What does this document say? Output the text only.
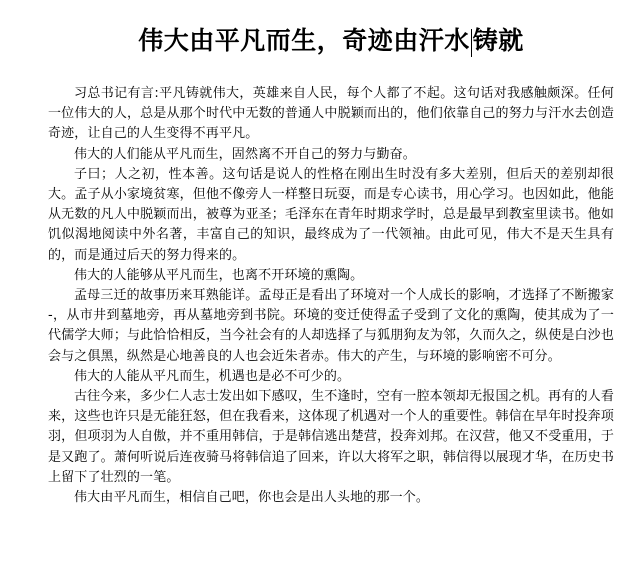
伟大由平凡而生，奇迹由汗水 铸就

习总书记有言:平凡铸就伟大，英雄来自人民，每个人都了不起。这句话对我感触颇深。任何一位伟大的人，总是从那个时代中无数的普通人中脱颖而出的，他们依靠自己的努力与汗水去创造奇迹，让自己的人生变得不再平凡。

伟大的人们能从平凡而生，固然离不开自己的努力与勤奋。

子曰；人之初，性本善。这句话是说人的性格在刚出生时没有多大差别，但后天的差别却很大。孟子从小家境贫寒，但他不像旁人一样整日玩耍，而是专心读书，用心学习。也因如此，他能从无数的凡人中脱颖而出，被尊为亚圣；毛泽东在青年时期求学时，总是最早到教室里读书。他如饥似渴地阅读中外名著，丰富自己的知识，最终成为了一代领袖。由此可见，伟大不是天生具有的，而是通过后天的努力得来的。

伟大的人能够从平凡而生，也离不开环境的熏陶。

孟母三迁的故事历来耳熟能详。孟母正是看出了环境对一个人成长的影响，才选择了不断搬家 -，从市井到墓地旁，再从墓地旁到书院。环境的变迁使得孟子受到了文化的熏陶，使其成为了一代儒学大师；与此恰恰相反，当今社会有的人却选择了与狐朋狗友为邻，久而久之，纵使是白沙也会与之俱黑，纵然是心地善良的人也会近朱者赤。伟大的产生，与环境的影响密不可分。

伟大的人能从平凡而生，机遇也是必不可少的。

古往今来，多少仁人志士发出如下感叹，生不逢时，空有一腔本领却无报国之机。再有的人看来，这些也许只是无能狂怒，但在我看来，这体现了机遇对一个人的重要性。韩信在早年时投奔项羽，但项羽为人自傲，并不重用韩信，于是韩信逃出楚营，投奔刘邦。在汉营，他又不受重用，于是又跑了。萧何听说后连夜骑马将韩信追了回来，许以大将军之职，韩信得以展现才华，在历史书上留下了壮烈的一笔。

伟大由平凡而生，相信自己吧，你也会是出人头地的那一个。
